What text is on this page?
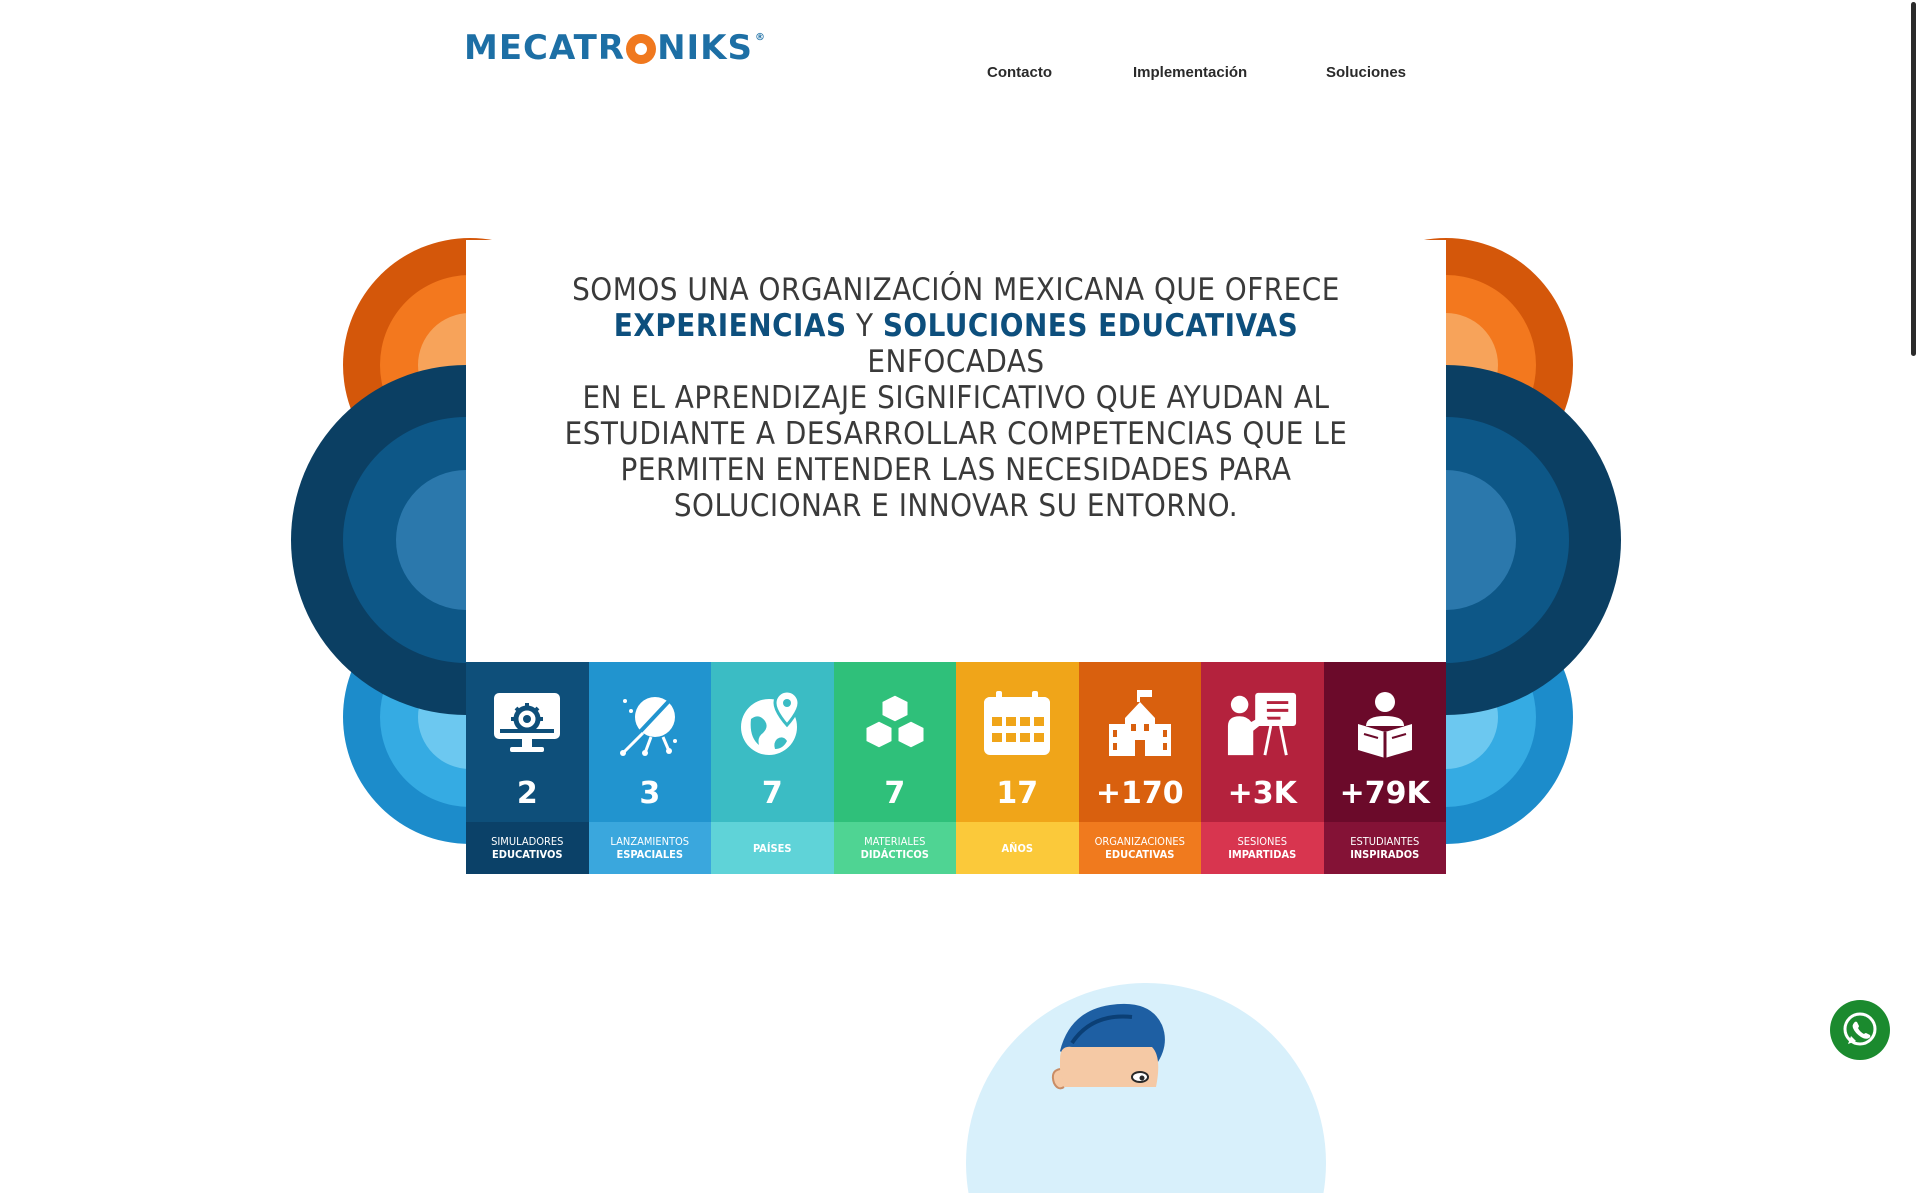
MECATR NIKS ®
Contacto	Implementación	Soluciones
SOMOS UNA ORGANIZACIÓN MEXICANA QUE OFRECE
EXPERIENCIAS Y SOLUCIONES EDUCATIVAS ENFOCADAS
EN EL APRENDIZAJE SIGNIFICATIVO QUE AYUDAN AL
ESTUDIANTE A DESARROLLAR COMPETENCIAS QUE LE
PERMITEN ENTENDER LAS NECESIDADES PARA
SOLUCIONAR E INNOVAR SU ENTORNO.
2
SIMULADORES
EDUCATIVOS
3
LANZAMIENTOS
ESPACIALES
7
PAÍSES
7
MATERIALES
DIDÁCTICOS
17
AÑOS
+170
ORGANIZACIONES
EDUCATIVAS
+3K
SESIONES
IMPARTIDAS
+79K
ESTUDIANTES
INSPIRADOS
